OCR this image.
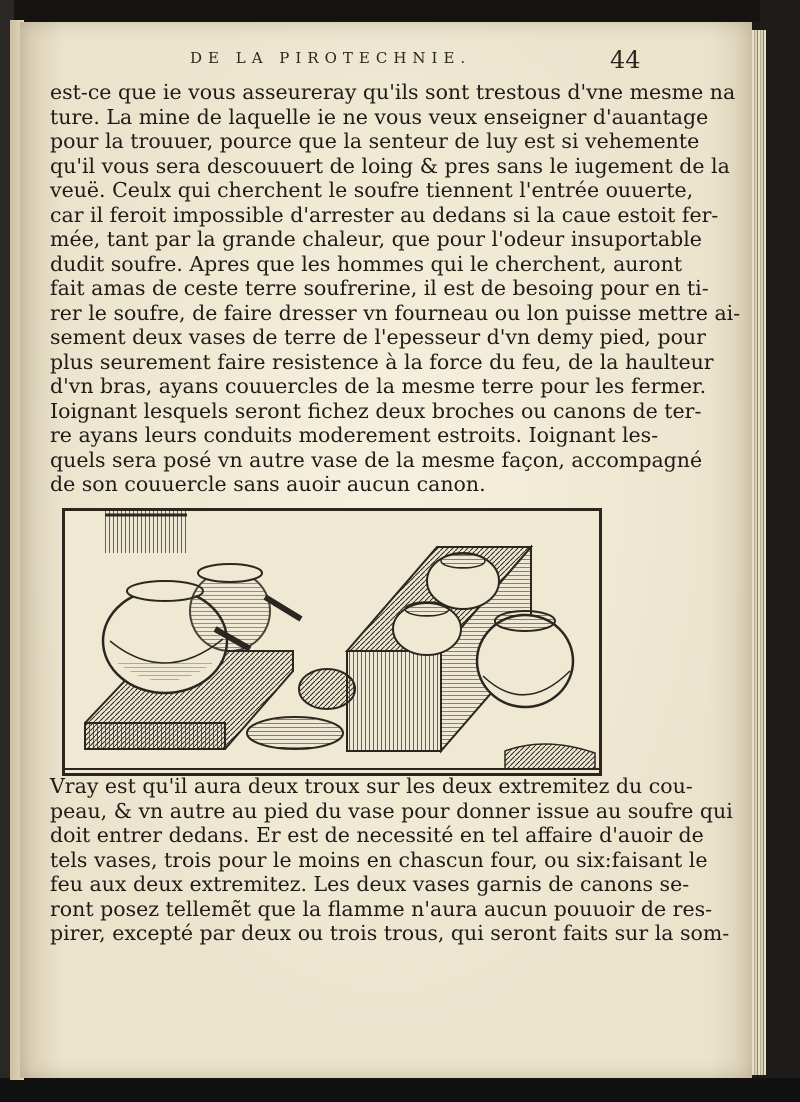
DE LA PIROTECHNIE.	44
est-ce que ie vous asseureray qu'ils sont trestous d'vne mesme na
ture. La mine de laquelle ie ne vous veux enseigner d'auantage
pour la trouuer, pource que la senteur de luy est si vehemente
qu'il vous sera descouuert de loing & pres sans le iugement de la
veuë. Ceulx qui cherchent le soufre tiennent l'entrée ouuerte,
car il feroit impossible d'arrester au dedans si la caue estoit fer-
mée, tant par la grande chaleur, que pour l'odeur insuportable
dudit soufre. Apres que les hommes qui le cherchent, auront
fait amas de ceste terre soufrerine, il est de besoing pour en ti-
rer le soufre, de faire dresser vn fourneau ou lon puisse mettre ai-
sement deux vases de terre de l'epesseur d'vn demy pied, pour
plus seurement faire resistence à la force du feu, de la haulteur
d'vn bras, ayans couuercles de la mesme terre pour les fermer.
Ioignant lesquels seront fichez deux broches ou canons de ter-
re ayans leurs conduits moderement estroits. Ioignant les-
quels sera posé vn autre vase de la mesme façon, accompagné
de son couuercle sans auoir aucun canon.
Vray est qu'il aura deux troux sur les deux extremitez du cou-
peau, & vn autre au pied du vase pour donner issue au soufre qui
doit entrer dedans. Er est de necessité en tel affaire d'auoir de
tels vases, trois pour le moins en chascun four, ou six:faisant le
feu aux deux extremitez. Les deux vases garnis de canons se-
ront posez tellemẽt que la flamme n'aura aucun pouuoir de res-
pirer, excepté par deux ou trois trous, qui seront faits sur la som-
